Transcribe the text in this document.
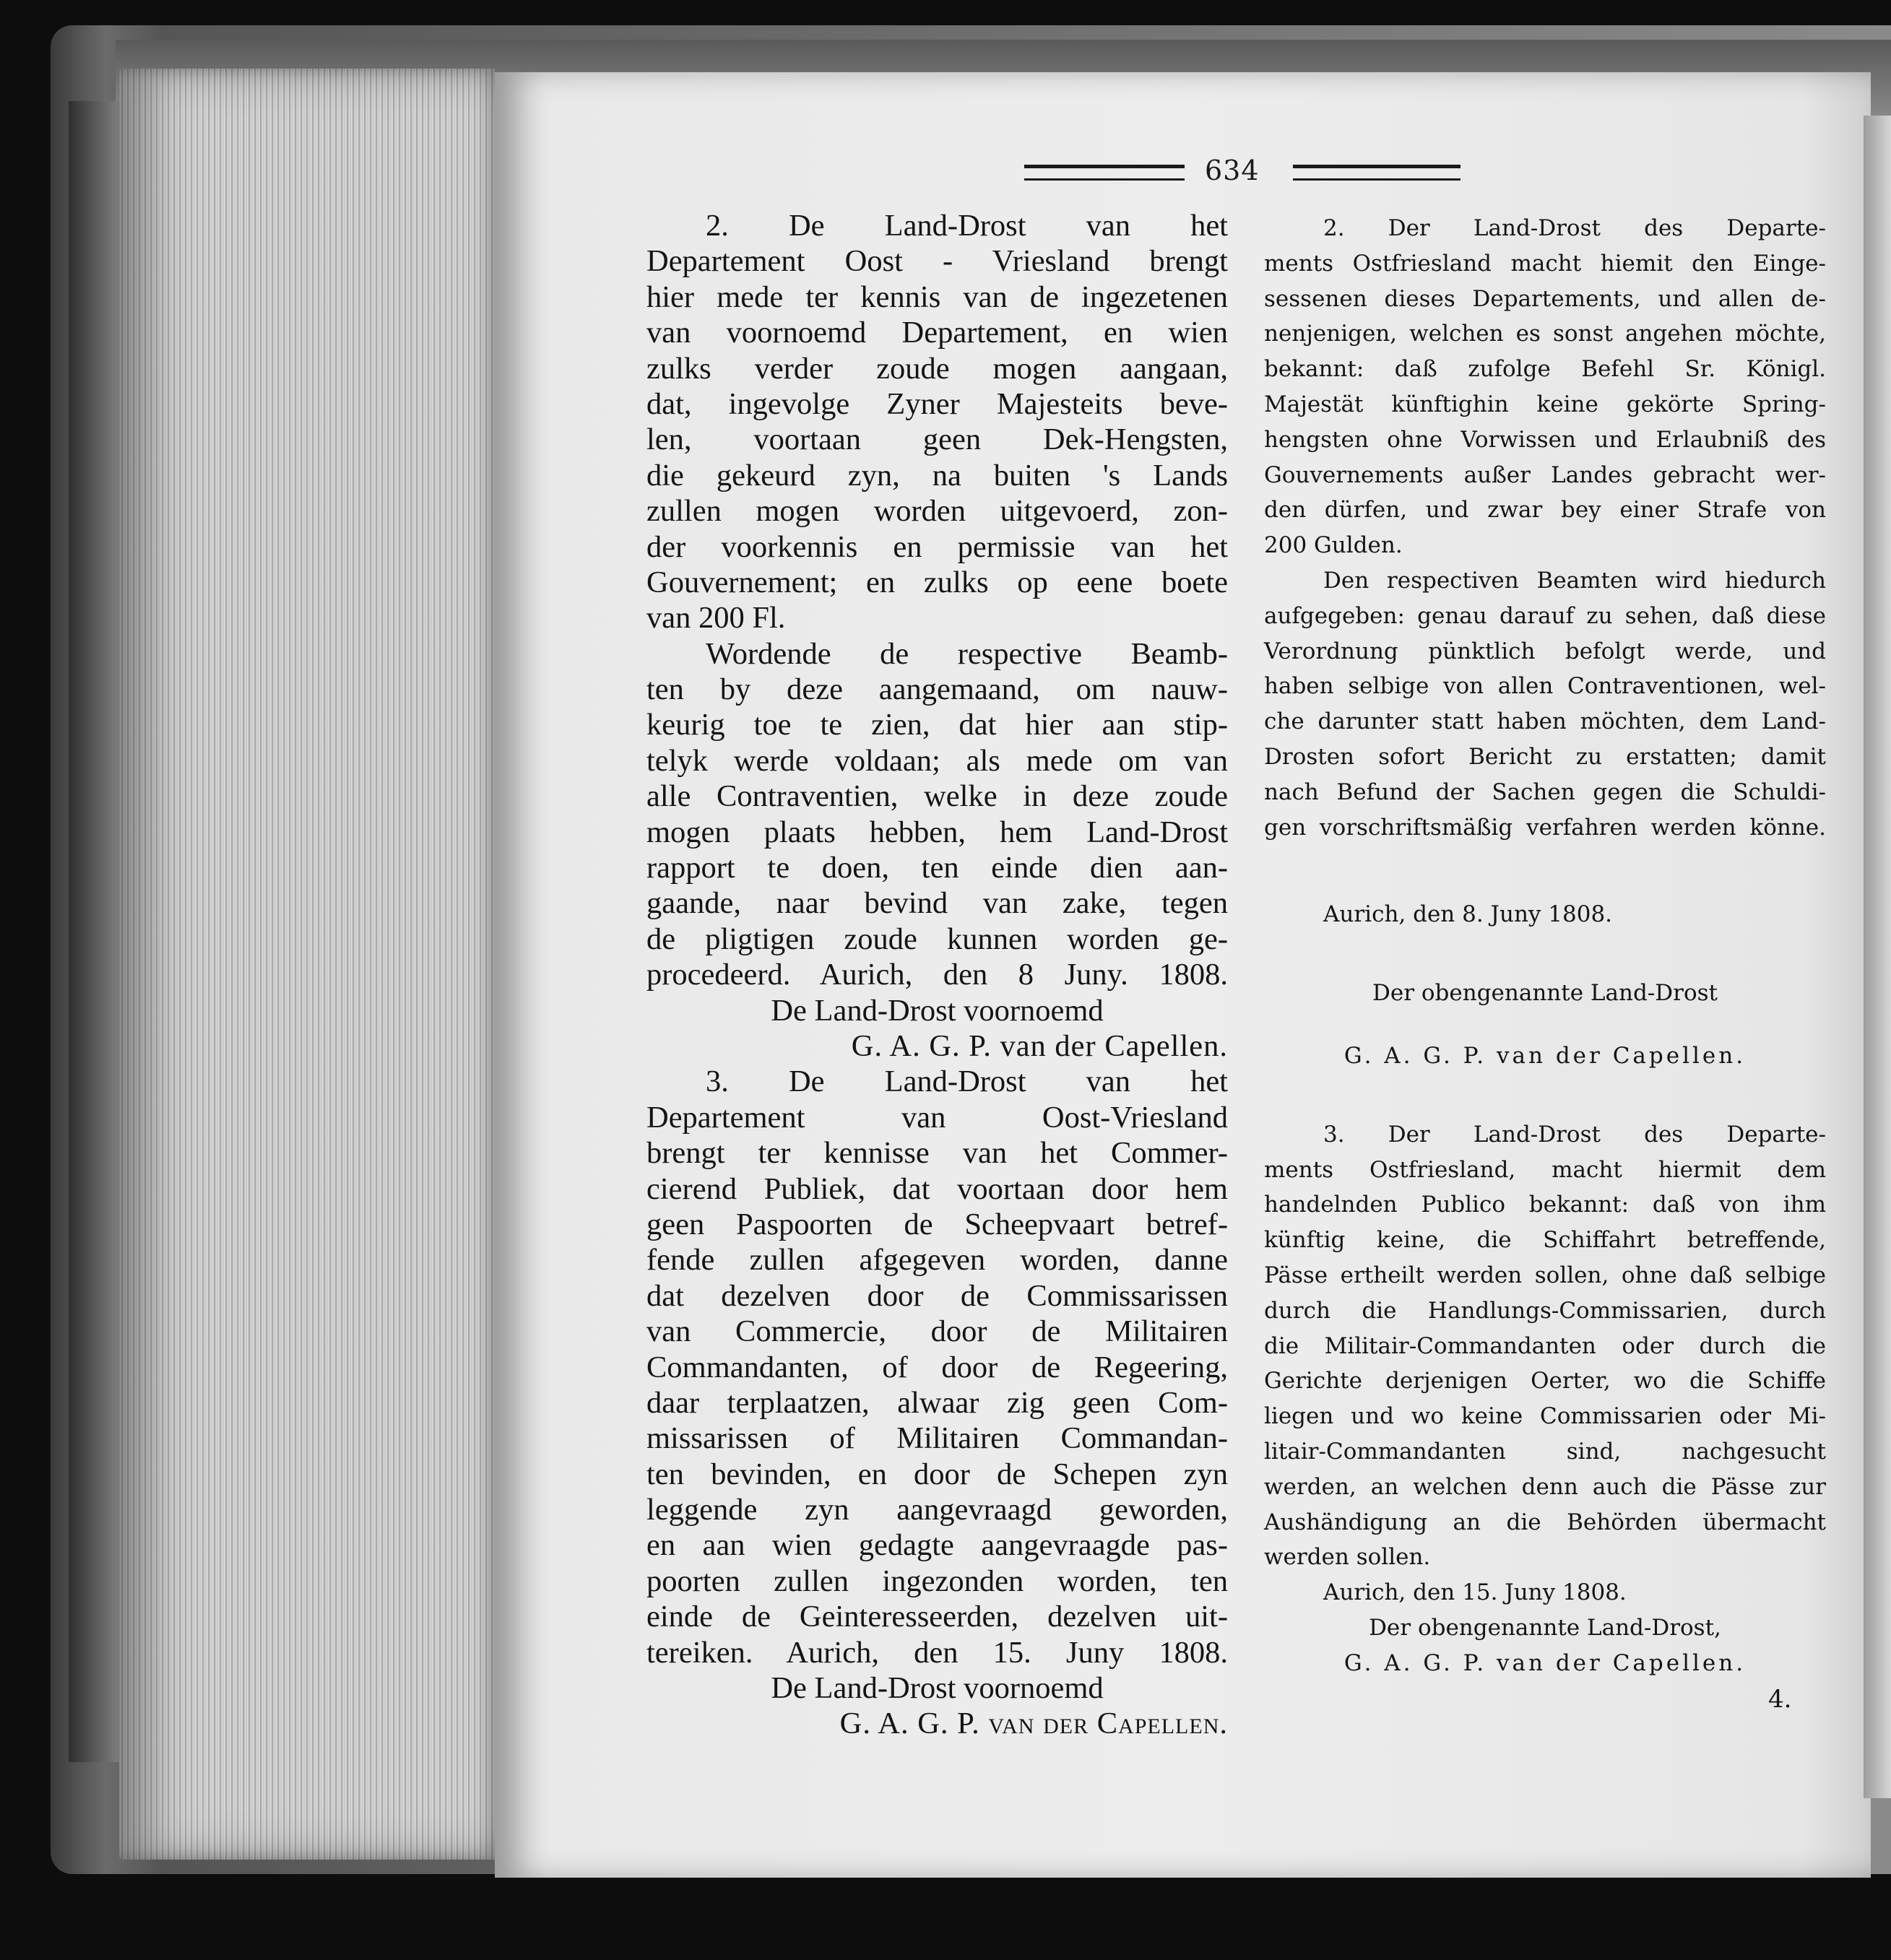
634
2. De Land-Drost van het
Departement Oost - Vriesland brengt
hier mede ter kennis van de ingezetenen
van voornoemd Departement, en wien
zulks verder zoude mogen aangaan,
dat, ingevolge Zyner Majesteits beve-
len, voortaan geen Dek-Hengsten,
die gekeurd zyn, na buiten 's Lands
zullen mogen worden uitgevoerd, zon-
der voorkennis en permissie van het
Gouvernement; en zulks op eene boete
van 200 Fl.
Wordende de respective Beamb-
ten by deze aangemaand, om nauw-
keurig toe te zien, dat hier aan stip-
telyk werde voldaan; als mede om van
alle Contraventien, welke in deze zoude
mogen plaats hebben, hem Land-Drost
rapport te doen, ten einde dien aan-
gaande, naar bevind van zake, tegen
de pligtigen zoude kunnen worden ge-
procedeerd. Aurich, den 8 Juny. 1808.
De Land-Drost voornoemd
G. A. G. P. van der Capellen.
3. De Land-Drost van het
Departement van Oost-Vriesland
brengt ter kennisse van het Commer-
cierend Publiek, dat voortaan door hem
geen Paspoorten de Scheepvaart betref-
fende zullen afgegeven worden, danne
dat dezelven door de Commissarissen
van Commercie, door de Militairen
Commandanten, of door de Regeering,
daar terplaatzen, alwaar zig geen Com-
missarissen of Militairen Commandan-
ten bevinden, en door de Schepen zyn
leggende zyn aangevraagd geworden,
en aan wien gedagte aangevraagde pas-
poorten zullen ingezonden worden, ten
einde de Geinteresseerden, dezelven uit-
tereiken. Aurich, den 15. Juny 1808.
De Land-Drost voornoemd
G. A. G. P. van der Capellen.
2. Der Land-Drost des Departe-
ments Ostfriesland macht hiemit den Einge-
sessenen dieses Departements, und allen de-
nenjenigen, welchen es sonst angehen möchte,
bekannt: daß zufolge Befehl Sr. Königl.
Majestät künftighin keine gekörte Spring-
hengsten ohne Vorwissen und Erlaubniß des
Gouvernements außer Landes gebracht wer-
den dürfen, und zwar bey einer Strafe von
200 Gulden.
Den respectiven Beamten wird hiedurch
aufgegeben: genau darauf zu sehen, daß diese
Verordnung pünktlich befolgt werde, und
haben selbige von allen Contraventionen, wel-
che darunter statt haben möchten, dem Land-
Drosten sofort Bericht zu erstatten; damit
nach Befund der Sachen gegen die Schuldi-
gen vorschriftsmäßig verfahren werden könne.
Aurich, den 8. Juny 1808.
Der obengenannte Land-Drost
G. A. G. P. van der Capellen.
3. Der Land-Drost des Departe-
ments Ostfriesland, macht hiermit dem
handelnden Publico bekannt: daß von ihm
künftig keine, die Schiffahrt betreffende,
Pässe ertheilt werden sollen, ohne daß selbige
durch die Handlungs-Commissarien, durch
die Militair-Commandanten oder durch die
Gerichte derjenigen Oerter, wo die Schiffe
liegen und wo keine Commissarien oder Mi-
litair-Commandanten sind, nachgesucht
werden, an welchen denn auch die Pässe zur
Aushändigung an die Behörden übermacht
werden sollen.
Aurich, den 15. Juny 1808.
Der obengenannte Land-Drost,
G. A. G. P. van der Capellen.
4.
